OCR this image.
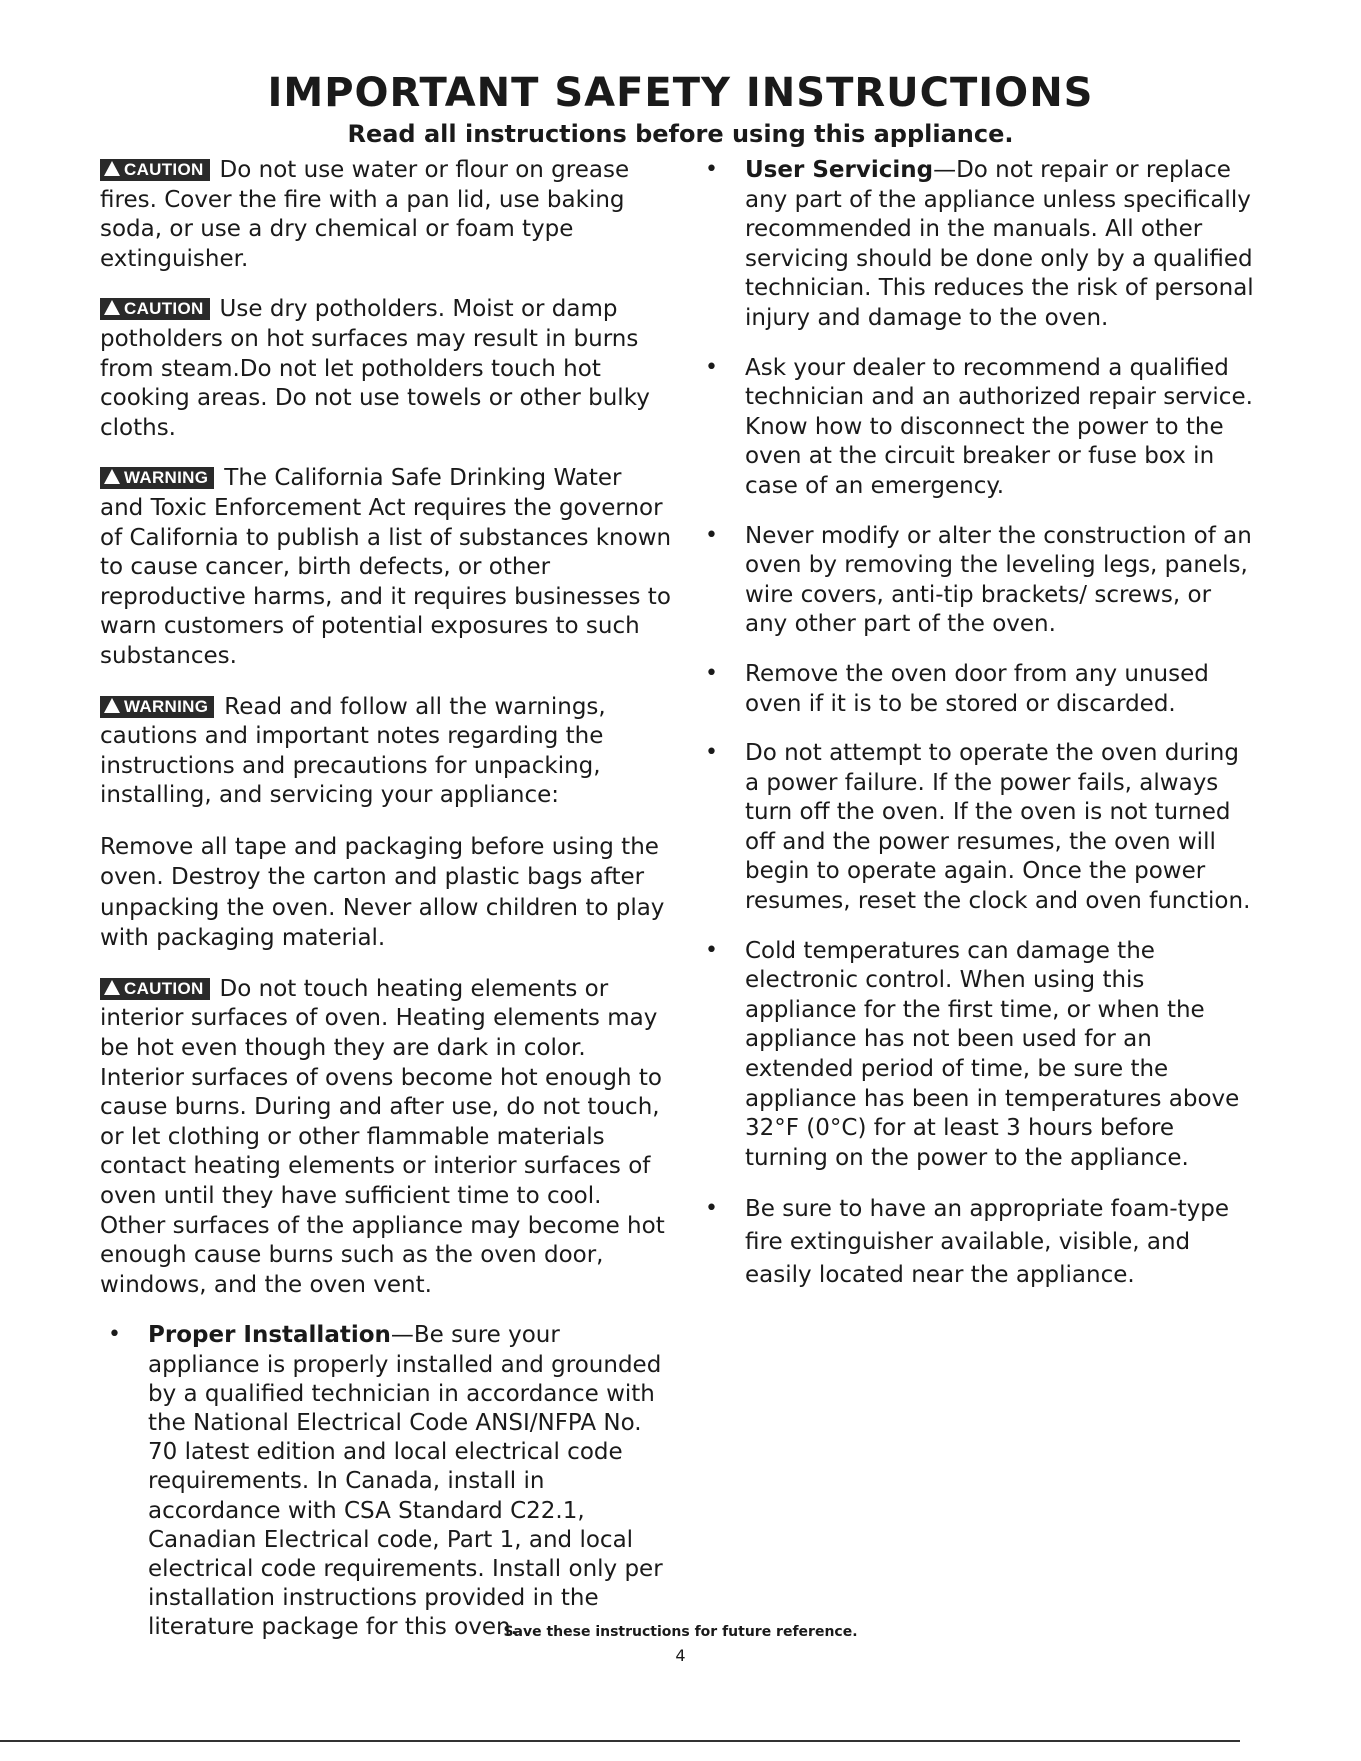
IMPORTANT SAFETY INSTRUCTIONS
Read all instructions before using this appliance.

CAUTION Do not use water or flour on grease fires. Cover the fire with a pan lid, use baking soda, or use a dry chemical or foam type extinguisher.

CAUTION Use dry potholders. Moist or damp potholders on hot surfaces may result in burns from steam.Do not let potholders touch hot cooking areas. Do not use towels or other bulky cloths.

WARNING The California Safe Drinking Water and Toxic Enforcement Act requires the governor of California to publish a list of substances known to cause cancer, birth defects, or other reproductive harms, and it requires businesses to warn customers of potential exposures to such substances.

WARNING Read and follow all the warnings, cautions and important notes regarding the instructions and precautions for unpacking, installing, and servicing your appliance:

Remove all tape and packaging before using the oven. Destroy the carton and plastic bags after unpacking the oven. Never allow children to play with packaging material.

CAUTION Do not touch heating elements or interior surfaces of oven. Heating elements may be hot even though they are dark in color. Interior surfaces of ovens become hot enough to cause burns. During and after use, do not touch, or let clothing or other flammable materials contact heating elements or interior surfaces of oven until they have sufficient time to cool. Other surfaces of the appliance may become hot enough cause burns such as the oven door, windows, and the oven vent.

• Proper Installation—Be sure your appliance is properly installed and grounded by a qualified technician in accordance with the National Electrical Code ANSI/NFPA No. 70 latest edition and local electrical code requirements. In Canada, install in accordance with CSA Standard C22.1, Canadian Electrical code, Part 1, and local electrical code requirements. Install only per installation instructions provided in the literature package for this oven.
• User Servicing—Do not repair or replace any part of the appliance unless specifically recommended in the manuals. All other servicing should be done only by a qualified technician. This reduces the risk of personal injury and damage to the oven.
• Ask your dealer to recommend a qualified technician and an authorized repair service. Know how to disconnect the power to the oven at the circuit breaker or fuse box in case of an emergency.
• Never modify or alter the construction of an oven by removing the leveling legs, panels, wire covers, anti-tip brackets/ screws, or any other part of the oven.
• Remove the oven door from any unused oven if it is to be stored or discarded.
• Do not attempt to operate the oven during a power failure. If the power fails, always turn off the oven. If the oven is not turned off and the power resumes, the oven will begin to operate again. Once the power resumes, reset the clock and oven function.
• Cold temperatures can damage the electronic control. When using this appliance for the first time, or when the appliance has not been used for an extended period of time, be sure the appliance has been in temperatures above 32°F (0°C) for at least 3 hours before turning on the power to the appliance.
• Be sure to have an appropriate foam-type fire extinguisher available, visible, and easily located near the appliance.

Save these instructions for future reference.

4
